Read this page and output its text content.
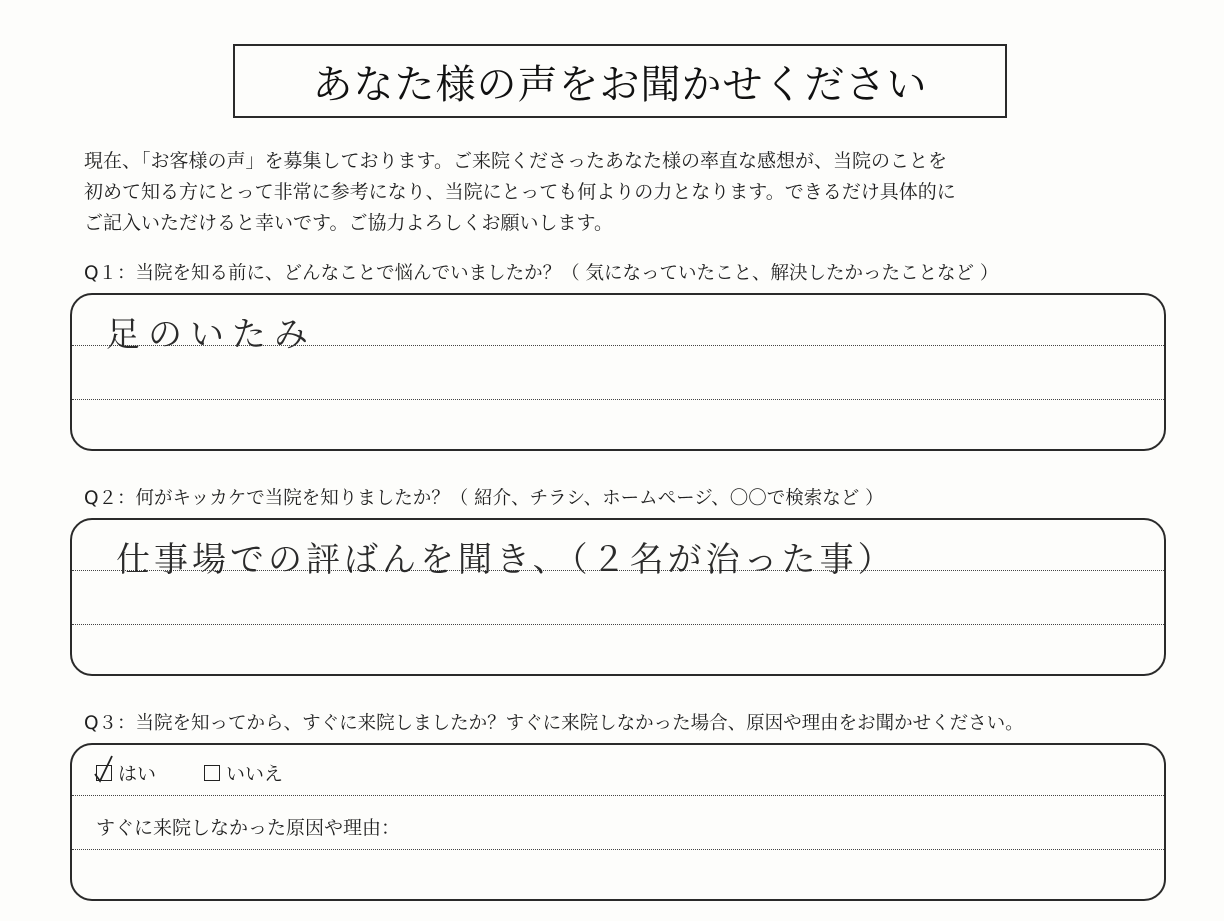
あなた様の声をお聞かせください
現在、「お客様の声」を募集しております。ご来院くださったあなた様の率直な感想が、当院のことを
初めて知る方にとって非常に参考になり、当院にとっても何よりの力となります。できるだけ具体的に
ご記入いただけると幸いです。ご協力よろしくお願いします。
Q１：当院を知る前に、どんなことで悩んでいましたか？（ 気になっていたこと、解決したかったことなど ）
足のいたみ
Q２：何がキッカケで当院を知りましたか？（ 紹介、チラシ、ホームページ、〇〇で検索など ）
仕事場での評ばんを聞き、（２名が治った事）
Q３：当院を知ってから、すぐに来院しましたか？すぐに来院しなかった場合、原因や理由をお聞かせください。
はい	いいえ
すぐに来院しなかった原因や理由：
